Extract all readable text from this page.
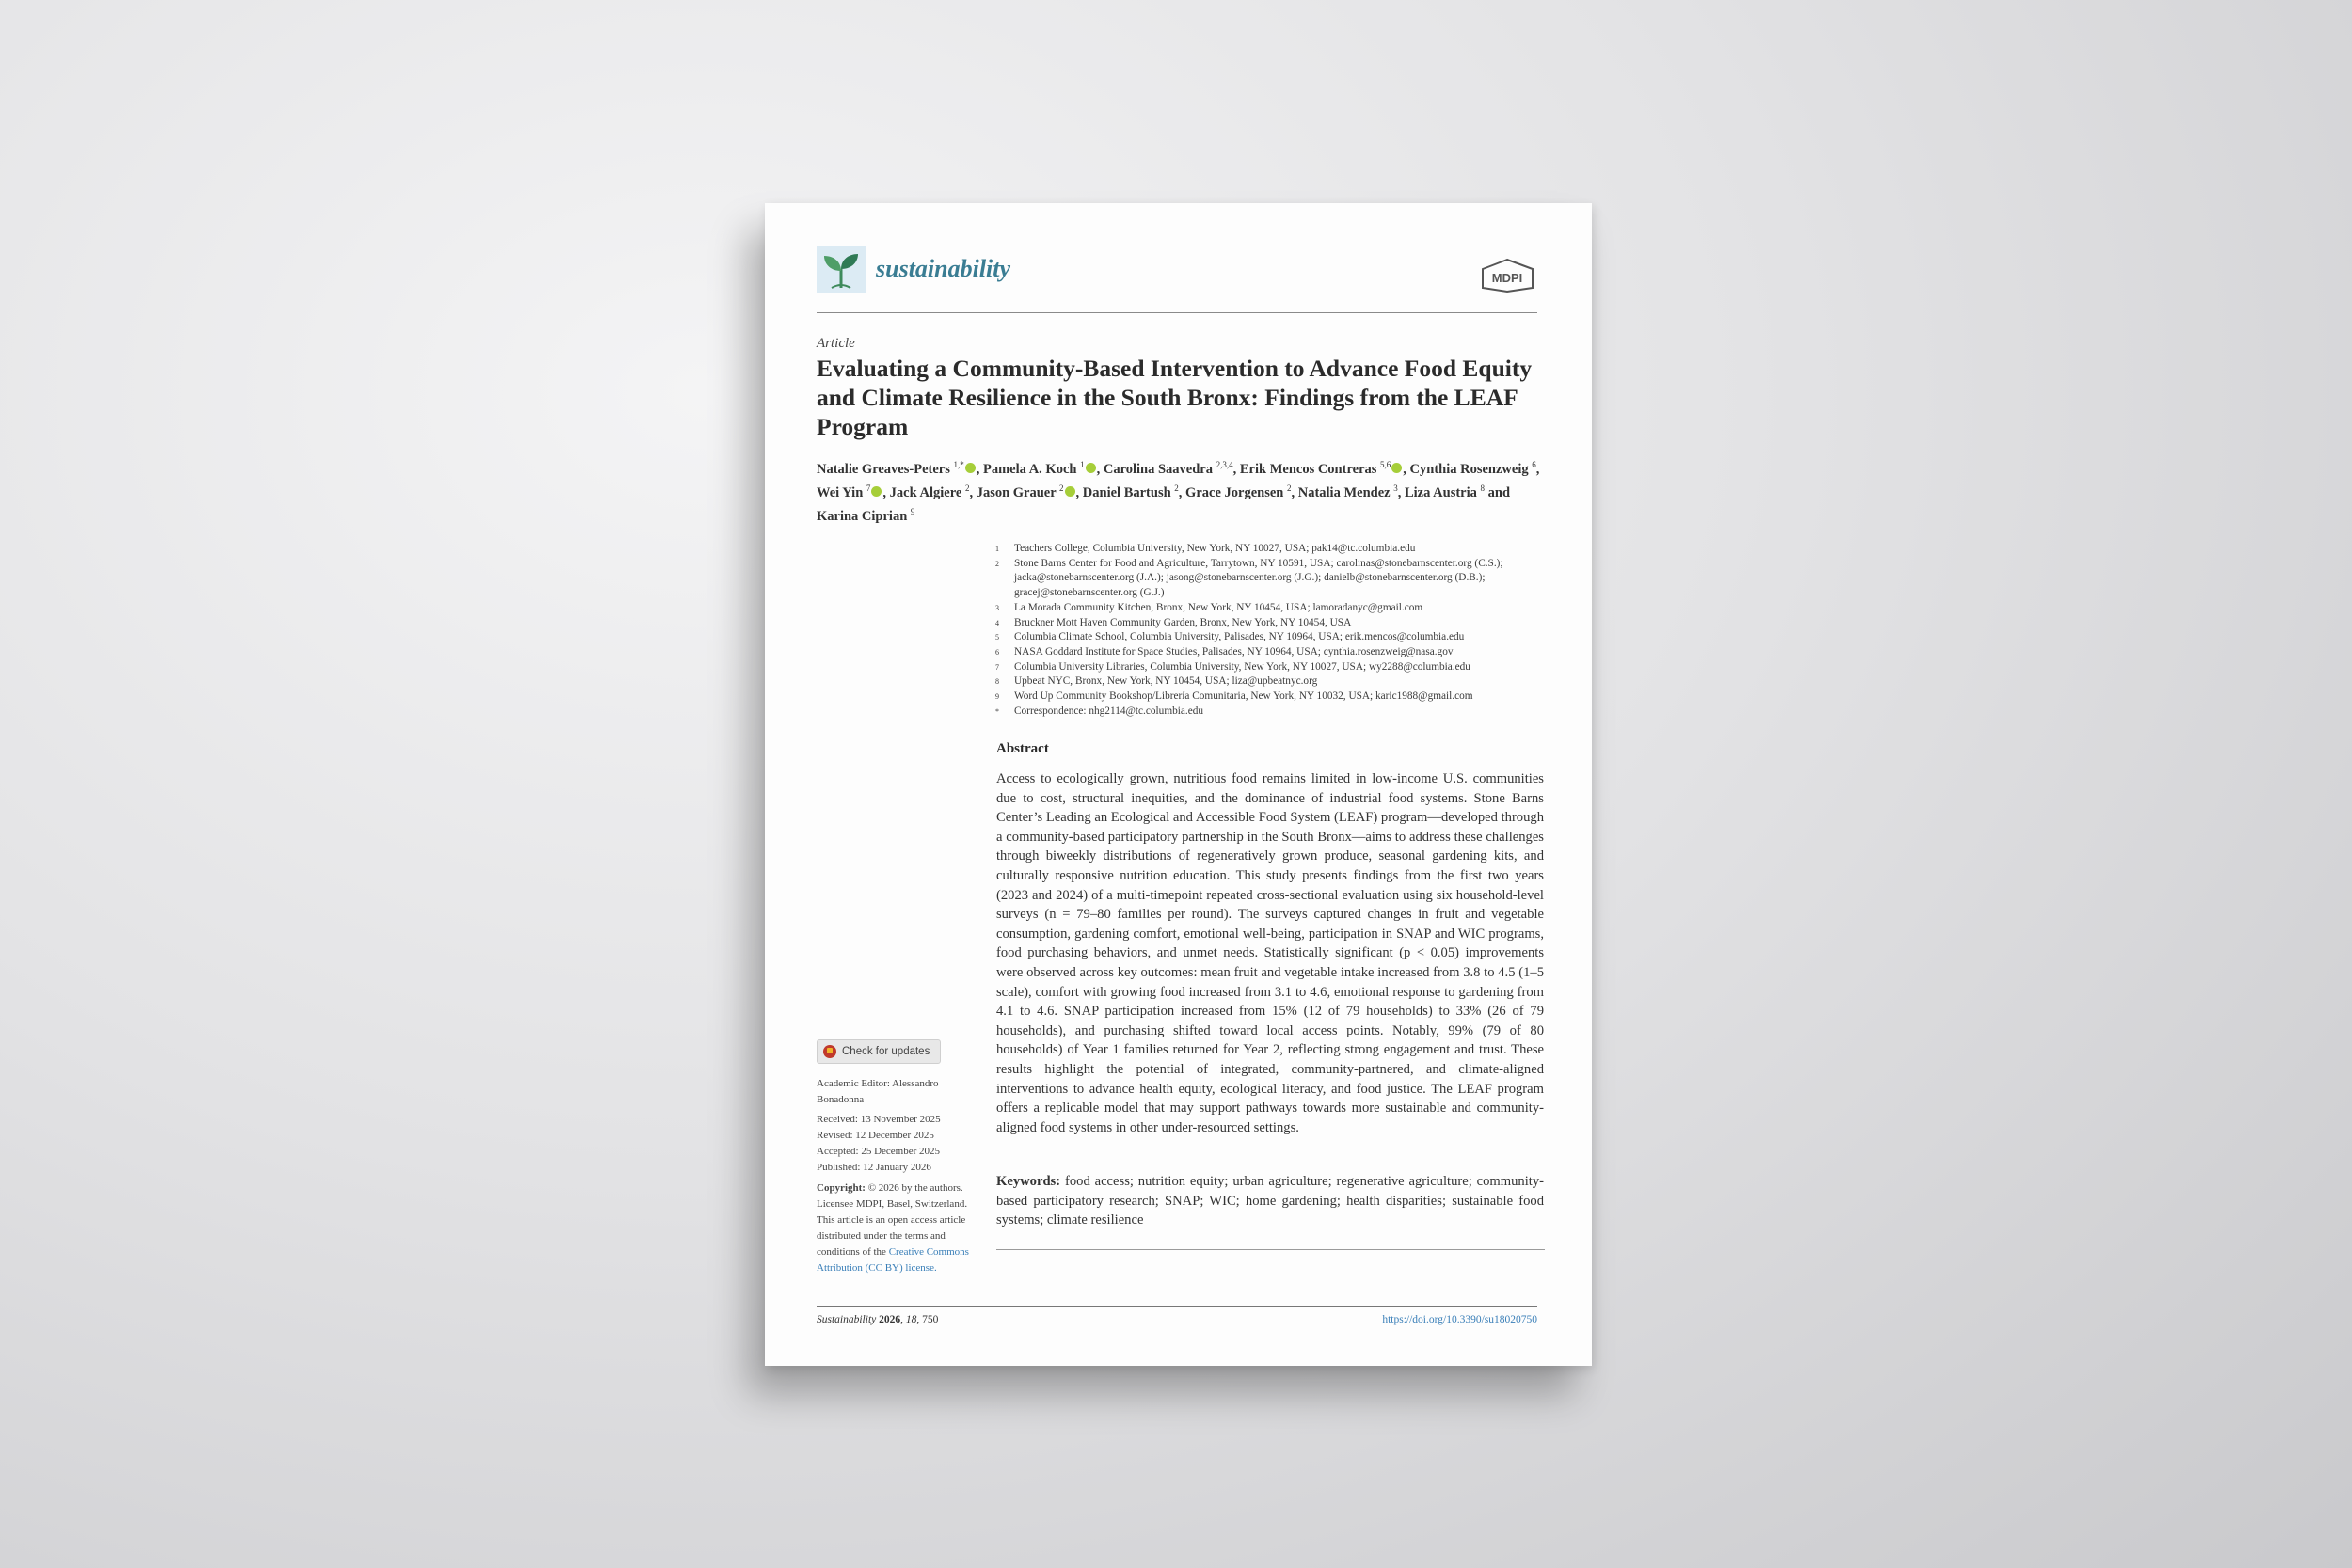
sustainability	MDPI
Article
Evaluating a Community-Based Intervention to Advance Food Equity and Climate Resilience in the South Bronx: Findings from the LEAF Program
Natalie Greaves-Peters $^{1,*}$ , Pamela A. Koch $^1$ , Carolina Saavedra $^{2,3,4}$, Erik Mencos Contreras $^{5,6}$ , Cynthia Rosenzweig $^6$, Wei Yin $^7$ , Jack Algiere $^2$, Jason Grauer $^2$ , Daniel Bartush $^2$, Grace Jorgensen $^2$, Natalia Mendez $^3$, Liza Austria $^8$ and Karina Ciprian $^9$
1	Teachers College, Columbia University, New York, NY 10027, USA; pak14@tc.columbia.edu
2	Stone Barns Center for Food and Agriculture, Tarrytown, NY 10591, USA; carolinas@stonebarnscenter.org (C.S.); jacka@stonebarnscenter.org (J.A.); jasong@stonebarnscenter.org (J.G.); danielb@stonebarnscenter.org (D.B.); gracej@stonebarnscenter.org (G.J.)
3	La Morada Community Kitchen, Bronx, New York, NY 10454, USA; lamoradanyc@gmail.com
4	Bruckner Mott Haven Community Garden, Bronx, New York, NY 10454, USA
5	Columbia Climate School, Columbia University, Palisades, NY 10964, USA; erik.mencos@columbia.edu
6	NASA Goddard Institute for Space Studies, Palisades, NY 10964, USA; cynthia.rosenzweig@nasa.gov
7	Columbia University Libraries, Columbia University, New York, NY 10027, USA; wy2288@columbia.edu
8	Upbeat NYC, Bronx, New York, NY 10454, USA; liza@upbeatnyc.org
9	Word Up Community Bookshop/Librería Comunitaria, New York, NY 10032, USA; karic1988@gmail.com
*	Correspondence: nhg2114@tc.columbia.edu
Abstract
Access to ecologically grown, nutritious food remains limited in low-income U.S. communities due to cost, structural inequities, and the dominance of industrial food systems. Stone Barns Center’s Leading an Ecological and Accessible Food System (LEAF) program—developed through a community-based participatory partnership in the South Bronx—aims to address these challenges through biweekly distributions of regeneratively grown produce, seasonal gardening kits, and culturally responsive nutrition education. This study presents findings from the first two years (2023 and 2024) of a multi-timepoint repeated cross-sectional evaluation using six household-level surveys (n = 79–80 families per round). The surveys captured changes in fruit and vegetable consumption, gardening comfort, emotional well-being, participation in SNAP and WIC programs, food purchasing behaviors, and unmet needs. Statistically significant (p < 0.05) improvements were observed across key outcomes: mean fruit and vegetable intake increased from 3.8 to 4.5 (1–5 scale), comfort with growing food increased from 3.1 to 4.6, emotional response to gardening from 4.1 to 4.6. SNAP participation increased from 15% (12 of 79 households) to 33% (26 of 79 households), and purchasing shifted toward local access points. Notably, 99% (79 of 80 households) of Year 1 families returned for Year 2, reflecting strong engagement and trust. These results highlight the potential of integrated, community-partnered, and climate-aligned interventions to advance health equity, ecological literacy, and food justice. The LEAF program offers a replicable model that may support pathways towards more sustainable and community-aligned food systems in other under-resourced settings.
Keywords: food access; nutrition equity; urban agriculture; regenerative agriculture; community-based participatory research; SNAP; WIC; home gardening; health disparities; sustainable food systems; climate resilience
Check for updates
Academic Editor: Alessandro Bonadonna
Received: 13 November 2025
Revised: 12 December 2025
Accepted: 25 December 2025
Published: 12 January 2026
Copyright: © 2026 by the authors. Licensee MDPI, Basel, Switzerland. This article is an open access article distributed under the terms and conditions of the Creative Commons Attribution (CC BY) license.
Sustainability 2026, 18, 750	https://doi.org/10.3390/su18020750
